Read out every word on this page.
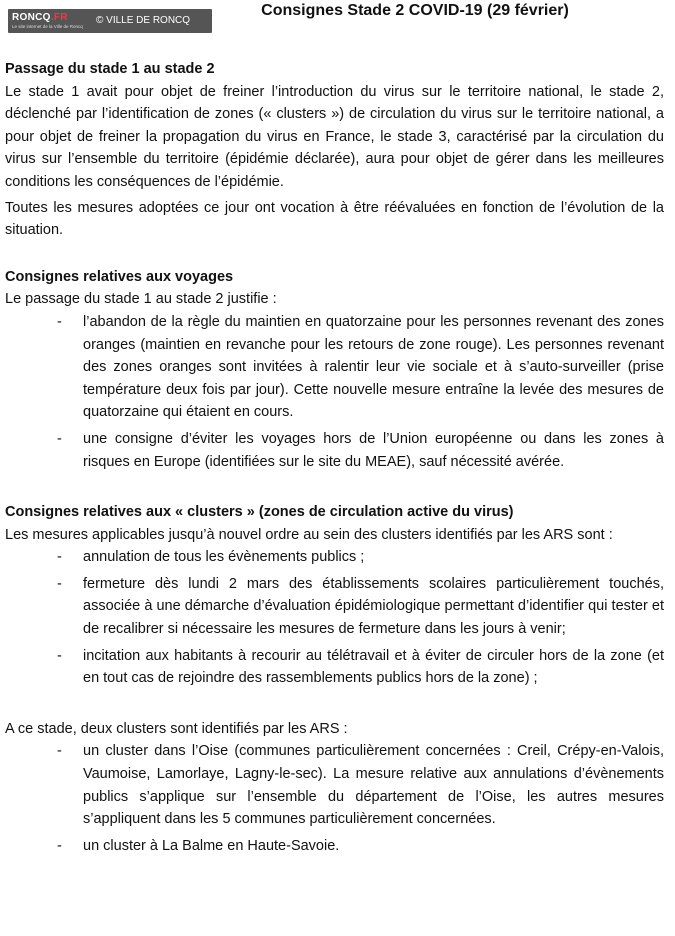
RONCQ.FR
Le site internet de la Ville de Roncq
© VILLE DE RONCQ
Consignes Stade 2 COVID-19 (29 février)

Passage du stade 1 au stade 2

Le stade 1 avait pour objet de freiner l’introduction du virus sur le territoire national, le stade 2, déclenché par l’identification de zones (« clusters ») de circulation du virus sur le territoire national, a pour objet de freiner la propagation du virus en France, le stade 3, caractérisé par la circulation du virus sur l’ensemble du territoire (épidémie déclarée), aura pour objet de gérer dans les meilleures conditions les conséquences de l’épidémie.

Toutes les mesures adoptées ce jour ont vocation à être réévaluées en fonction de l’évolution de la situation.

Consignes relatives aux voyages

Le passage du stade 1 au stade 2 justifie :

- l’abandon de la règle du maintien en quatorzaine pour les personnes revenant des zones oranges (maintien en revanche pour les retours de zone rouge). Les personnes revenant des zones oranges sont invitées à ralentir leur vie sociale et à s’auto-surveiller (prise température deux fois par jour). Cette nouvelle mesure entraîne la levée des mesures de quatorzaine qui étaient en cours.
- une consigne d’éviter les voyages hors de l’Union européenne ou dans les zones à risques en Europe (identifiées sur le site du MEAE), sauf nécessité avérée.

Consignes relatives aux « clusters » (zones de circulation active du virus)

Les mesures applicables jusqu’à nouvel ordre au sein des clusters identifiés par les ARS sont :

- annulation de tous les évènements publics ;
- fermeture dès lundi 2 mars des établissements scolaires particulièrement touchés, associée à une démarche d’évaluation épidémiologique permettant d’identifier qui tester et de recalibrer si nécessaire les mesures de fermeture dans les jours à venir;
- incitation aux habitants à recourir au télétravail et à éviter de circuler hors de la zone (et en tout cas de rejoindre des rassemblements publics hors de la zone) ;

A ce stade, deux clusters sont identifiés par les ARS :

- un cluster dans l’Oise (communes particulièrement concernées : Creil, Crépy-en-Valois, Vaumoise, Lamorlaye, Lagny-le-sec). La mesure relative aux annulations d’évènements publics s’applique sur l’ensemble du département de l’Oise, les autres mesures s’appliquent dans les 5 communes particulièrement concernées.
- un cluster à La Balme en Haute-Savoie.
